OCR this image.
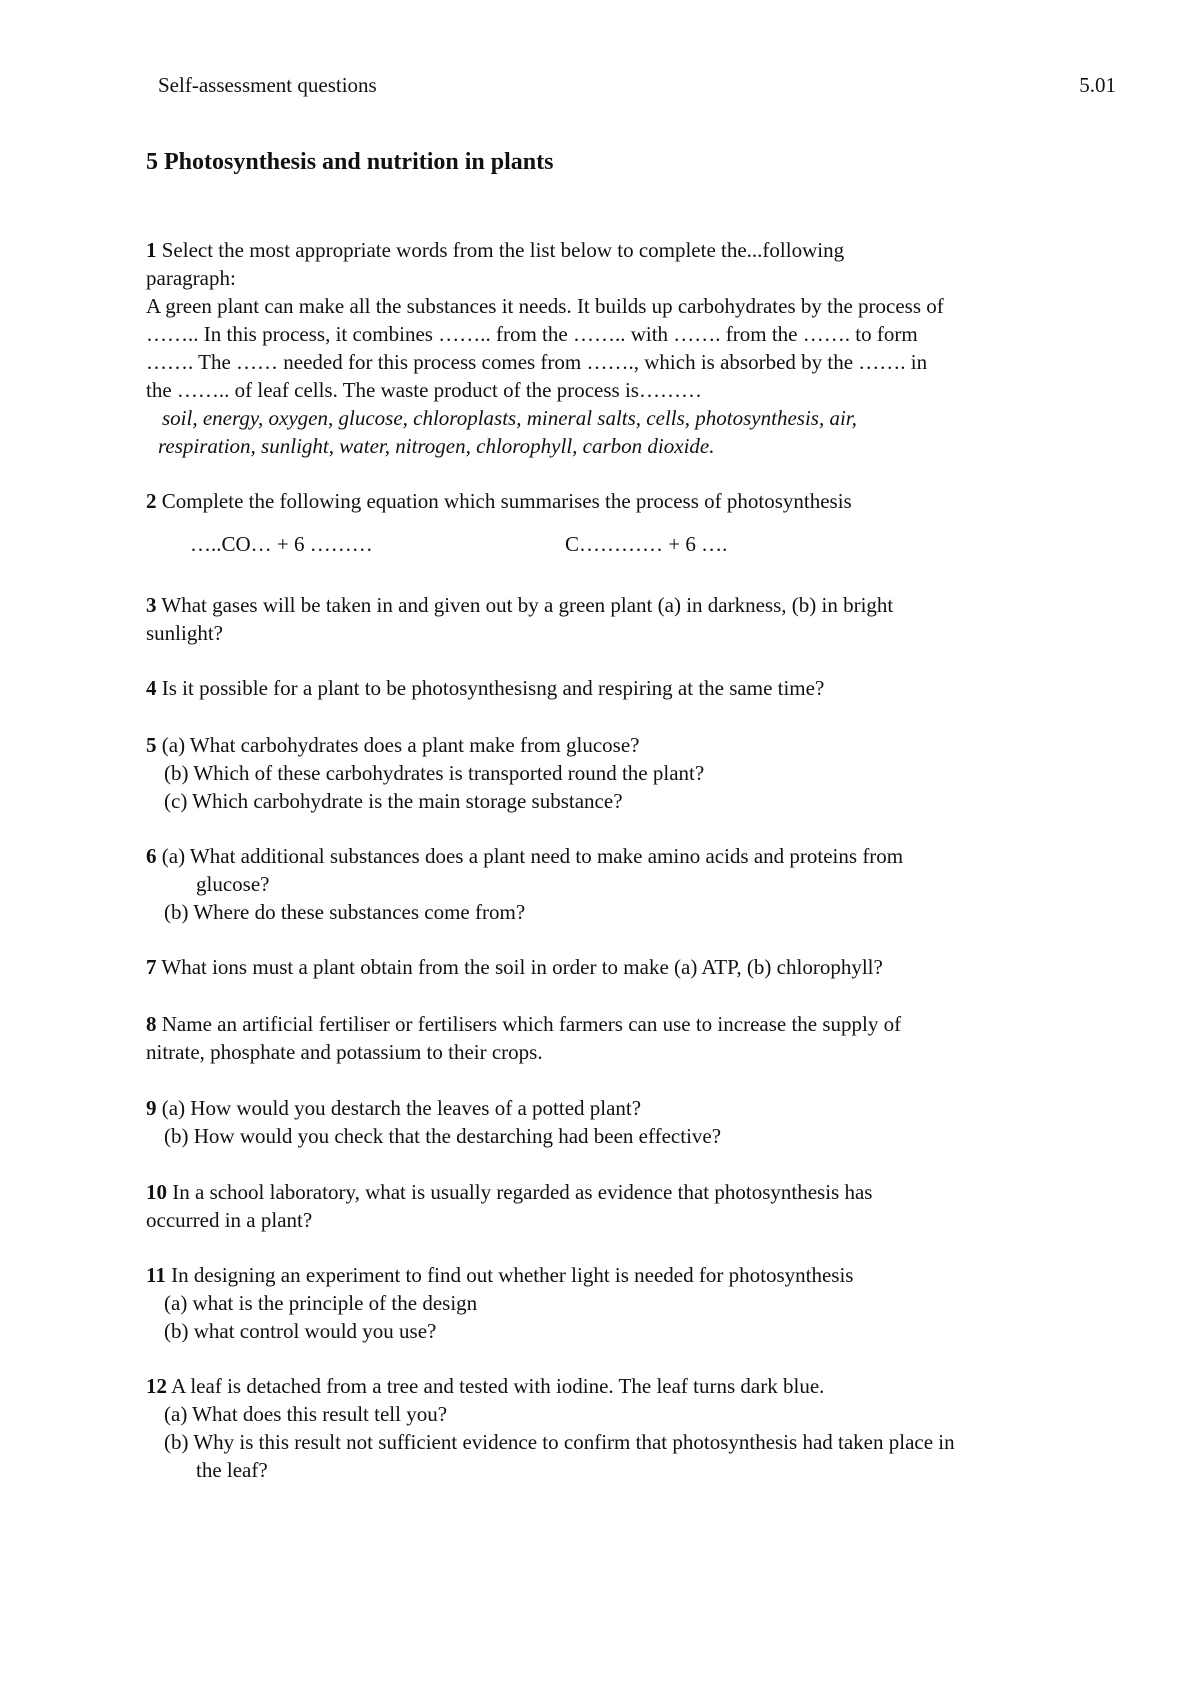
Self-assessment questions	5.01
5 Photosynthesis and nutrition in plants

1 Select the most appropriate words from the list below to complete the...following

paragraph:

A green plant can make all the substances it needs. It builds up carbohydrates by the process of

…….. In this process, it combines …….. from the …….. with ……. from the ……. to form

……. The …… needed for this process comes from ……., which is absorbed by the ……. in

the …….. of leaf cells. The waste product of the process is………

soil, energy, oxygen, glucose, chloroplasts, mineral salts, cells, photosynthesis, air,

respiration, sunlight, water, nitrogen, chlorophyll, carbon dioxide.

2 Complete the following equation which summarises the process of photosynthesis

…..CO… + 6 ………	C………… + 6 ….

3 What gases will be taken in and given out by a green plant (a) in darkness, (b) in bright

sunlight?

4 Is it possible for a plant to be photosynthesisng and respiring at the same time?

5 (a) What carbohydrates does a plant make from glucose?

(b) Which of these carbohydrates is transported round the plant?

(c) Which carbohydrate is the main storage substance?

6 (a) What additional substances does a plant need to make amino acids and proteins from

glucose?

(b) Where do these substances come from?

7 What ions must a plant obtain from the soil in order to make (a) ATP, (b) chlorophyll?

8 Name an artificial fertiliser or fertilisers which farmers can use to increase the supply of

nitrate, phosphate and potassium to their crops.

9 (a) How would you destarch the leaves of a potted plant?

(b) How would you check that the destarching had been effective?

10 In a school laboratory, what is usually regarded as evidence that photosynthesis has

occurred in a plant?

11 In designing an experiment to find out whether light is needed for photosynthesis

(a) what is the principle of the design

(b) what control would you use?

12 A leaf is detached from a tree and tested with iodine. The leaf turns dark blue.

(a) What does this result tell you?

(b) Why is this result not sufficient evidence to confirm that photosynthesis had taken place in

the leaf?
